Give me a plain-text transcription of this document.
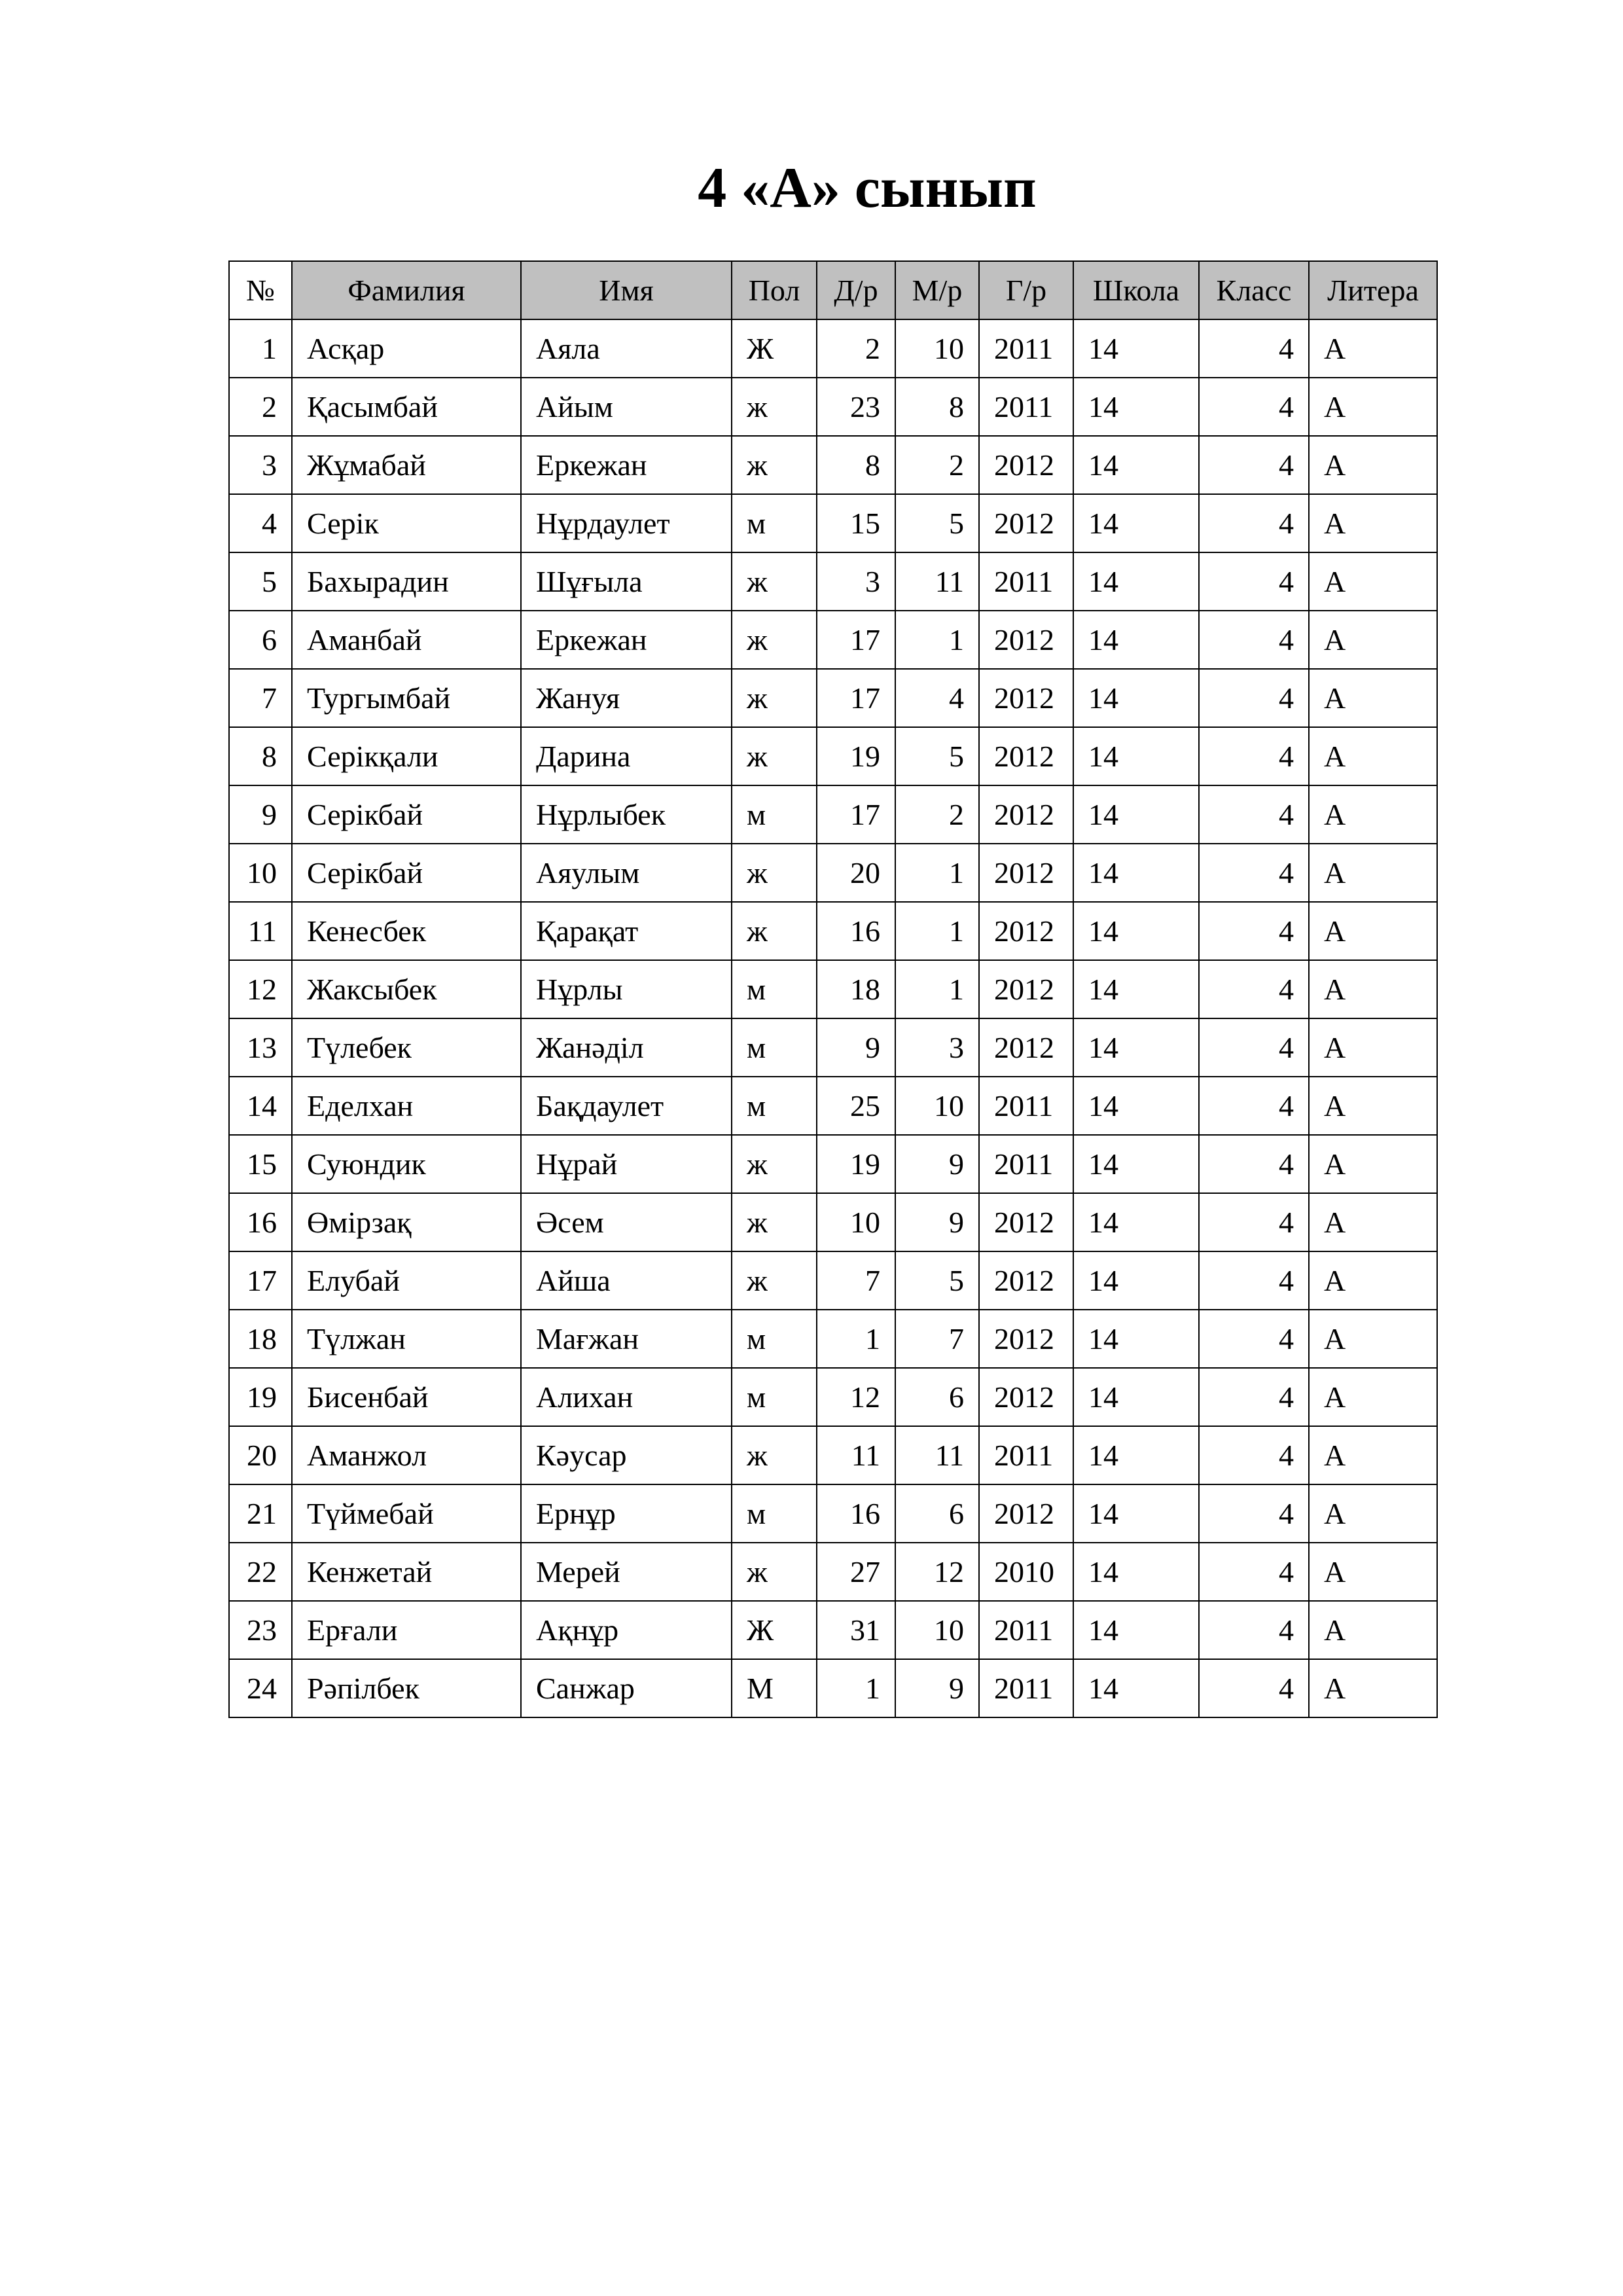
4 «А» сынып
№	Фамилия	Имя	Пол	Д/р	М/р	Г/р	Школа	Класс	Литера
1	Асқар	Аяла	Ж	2	10	2011	14	4	А
2	Қасымбай	Айым	ж	23	8	2011	14	4	А
3	Жұмабай	Еркежан	ж	8	2	2012	14	4	А
4	Серік	Нұрдаулет	м	15	5	2012	14	4	А
5	Бахырадин	Шұғыла	ж	3	11	2011	14	4	А
6	Аманбай	Еркежан	ж	17	1	2012	14	4	А
7	Тургымбай	Жануя	ж	17	4	2012	14	4	А
8	Серікқали	Дарина	ж	19	5	2012	14	4	А
9	Серікбай	Нұрлыбек	м	17	2	2012	14	4	А
10	Серікбай	Аяулым	ж	20	1	2012	14	4	А
11	Кенесбек	Қарақат	ж	16	1	2012	14	4	А
12	Жаксыбек	Нұрлы	м	18	1	2012	14	4	А
13	Түлебек	Жанәділ	м	9	3	2012	14	4	А
14	Еделхан	Бақдаулет	м	25	10	2011	14	4	А
15	Суюндик	Нұрай	ж	19	9	2011	14	4	А
16	Өмірзақ	Әсем	ж	10	9	2012	14	4	А
17	Елубай	Айша	ж	7	5	2012	14	4	А
18	Түлжан	Мағжан	м	1	7	2012	14	4	А
19	Бисенбай	Алихан	м	12	6	2012	14	4	А
20	Аманжол	Кәусар	ж	11	11	2011	14	4	А
21	Түймебай	Ернұр	м	16	6	2012	14	4	А
22	Кенжетай	Мерей	ж	27	12	2010	14	4	А
23	Ерғали	Ақнұр	Ж	31	10	2011	14	4	А
24	Рәпілбек	Санжар	М	1	9	2011	14	4	А
